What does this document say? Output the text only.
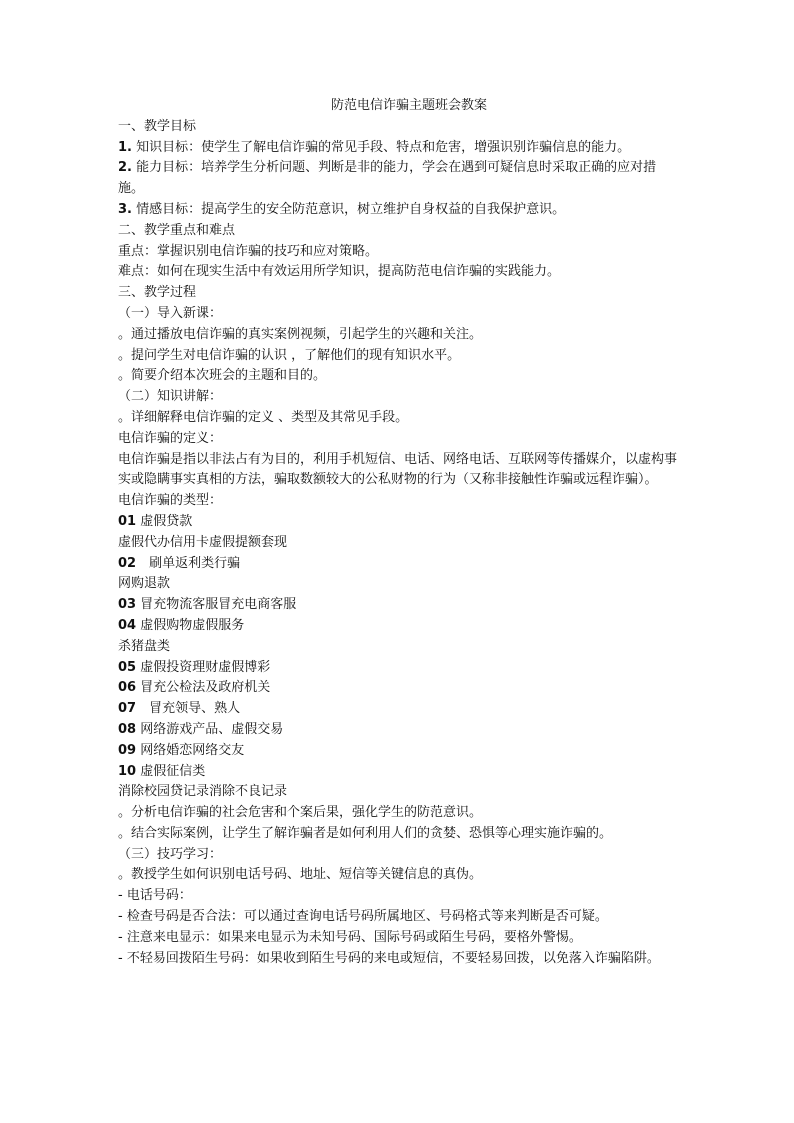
防范电信诈骗主题班会教案

一、教学目标

1. 知识目标：使学生了解电信诈骗的常见手段、特点和危害，增强识别诈骗信息的能力。

2. 能力目标：培养学生分析问题、判断是非的能力，学会在遇到可疑信息时采取正确的应对措施。

3. 情感目标：提高学生的安全防范意识，树立维护自身权益的自我保护意识。

二、教学重点和难点

重点：掌握识别电信诈骗的技巧和应对策略。

难点：如何在现实生活中有效运用所学知识，提高防范电信诈骗的实践能力。

三、教学过程

（一）导入新课：

。通过播放电信诈骗的真实案例视频，引起学生的兴趣和关注。

。提问学生对电信诈骗的认识 ，了解他们的现有知识水平。

。简要介绍本次班会的主题和目的。

（二）知识讲解：

。详细解释电信诈骗的定义 、类型及其常见手段。

电信诈骗的定义：

电信诈骗是指以非法占有为目的，利用手机短信、电话、网络电话、互联网等传播媒介，以虚构事实或隐瞒事实真相的方法，骗取数额较大的公私财物的行为（又称非接触性诈骗或远程诈骗）。

电信诈骗的类型：

01 虚假贷款

虚假代办信用卡虚假提额套现

02　刷单返利类行骗

网购退款

03 冒充物流客服冒充电商客服

04 虚假购物虚假服务

杀猪盘类

05 虚假投资理财虚假博彩

06 冒充公检法及政府机关

07　冒充领导、熟人

08 网络游戏产品、虚假交易

09 网络婚恋网络交友

10 虚假征信类

消除校园贷记录消除不良记录

。分析电信诈骗的社会危害和个案后果，强化学生的防范意识。

。结合实际案例，让学生了解诈骗者是如何利用人们的贪婪、恐惧等心理实施诈骗的。

（三）技巧学习：

。教授学生如何识别电话号码、地址、短信等关键信息的真伪。

- 电话号码：

- 检查号码是否合法：可以通过查询电话号码所属地区、号码格式等来判断是否可疑。

- 注意来电显示：如果来电显示为未知号码、国际号码或陌生号码，要格外警惕。

- 不轻易回拨陌生号码：如果收到陌生号码的来电或短信，不要轻易回拨，以免落入诈骗陷阱。
